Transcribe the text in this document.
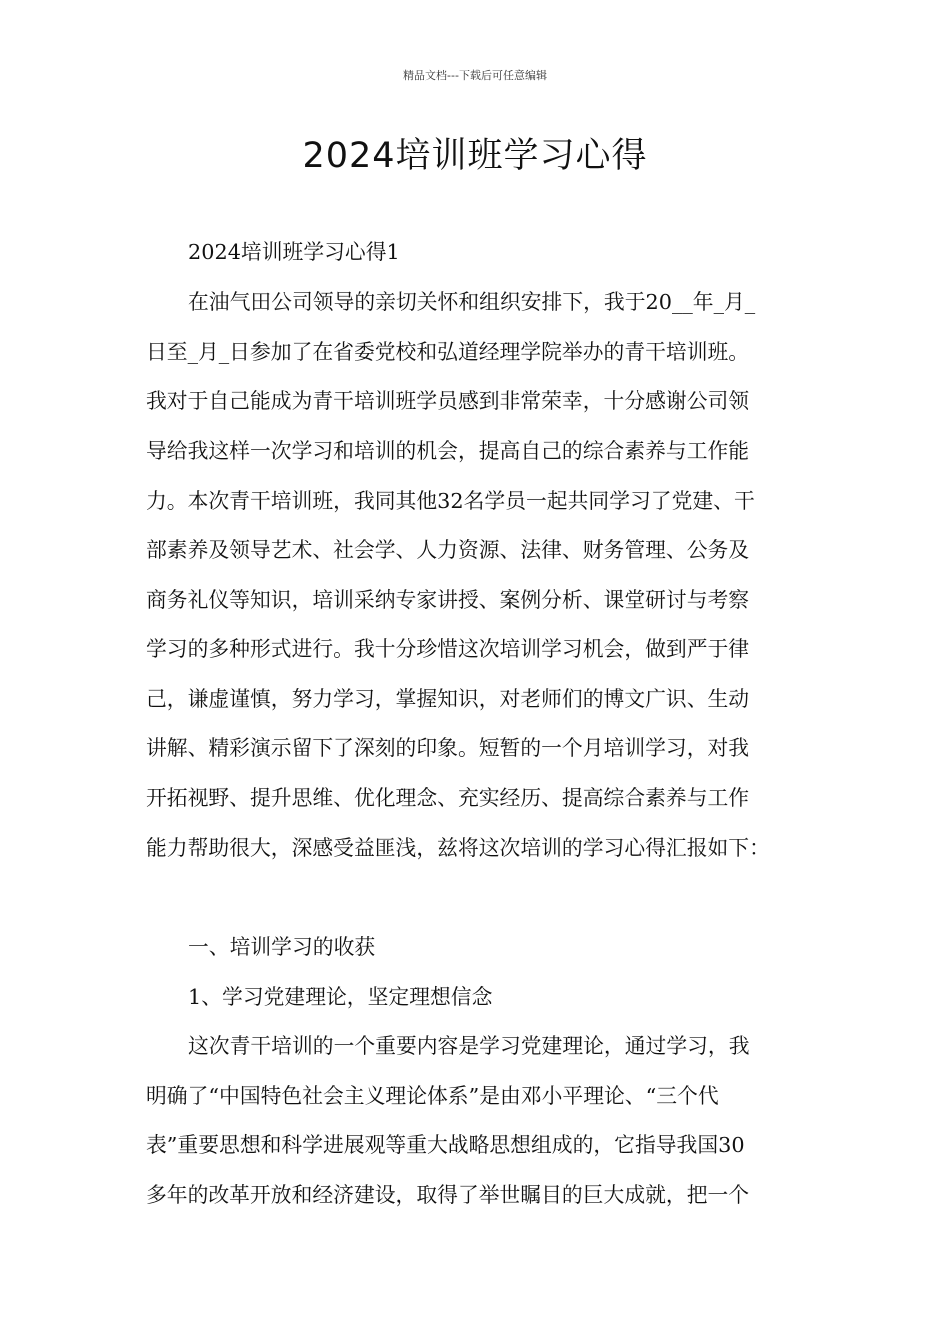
精品文档---下载后可任意编辑
2024培训班学习心得
2024培训班学习心得1
在油气田公司领导的亲切关怀和组织安排下，我于20__年_月_
日至_月_日参加了在省委党校和弘道经理学院举办的青干培训班。
我对于自己能成为青干培训班学员感到非常荣幸，十分感谢公司领
导给我这样一次学习和培训的机会，提高自己的综合素养与工作能
力。本次青干培训班，我同其他32名学员一起共同学习了党建、干
部素养及领导艺术、社会学、人力资源、法律、财务管理、公务及
商务礼仪等知识，培训采纳专家讲授、案例分析、课堂研讨与考察
学习的多种形式进行。我十分珍惜这次培训学习机会，做到严于律
己，谦虚谨慎，努力学习，掌握知识，对老师们的博文广识、生动
讲解、精彩演示留下了深刻的印象。短暂的一个月培训学习，对我
开拓视野、提升思维、优化理念、充实经历、提高综合素养与工作
能力帮助很大，深感受益匪浅，兹将这次培训的学习心得汇报如下：
一、培训学习的收获
1、学习党建理论，坚定理想信念
这次青干培训的一个重要内容是学习党建理论，通过学习，我
明确了“中国特色社会主义理论体系”是由邓小平理论、“三个代
表”重要思想和科学进展观等重大战略思想组成的，它指导我国30
多年的改革开放和经济建设，取得了举世瞩目的巨大成就，把一个
